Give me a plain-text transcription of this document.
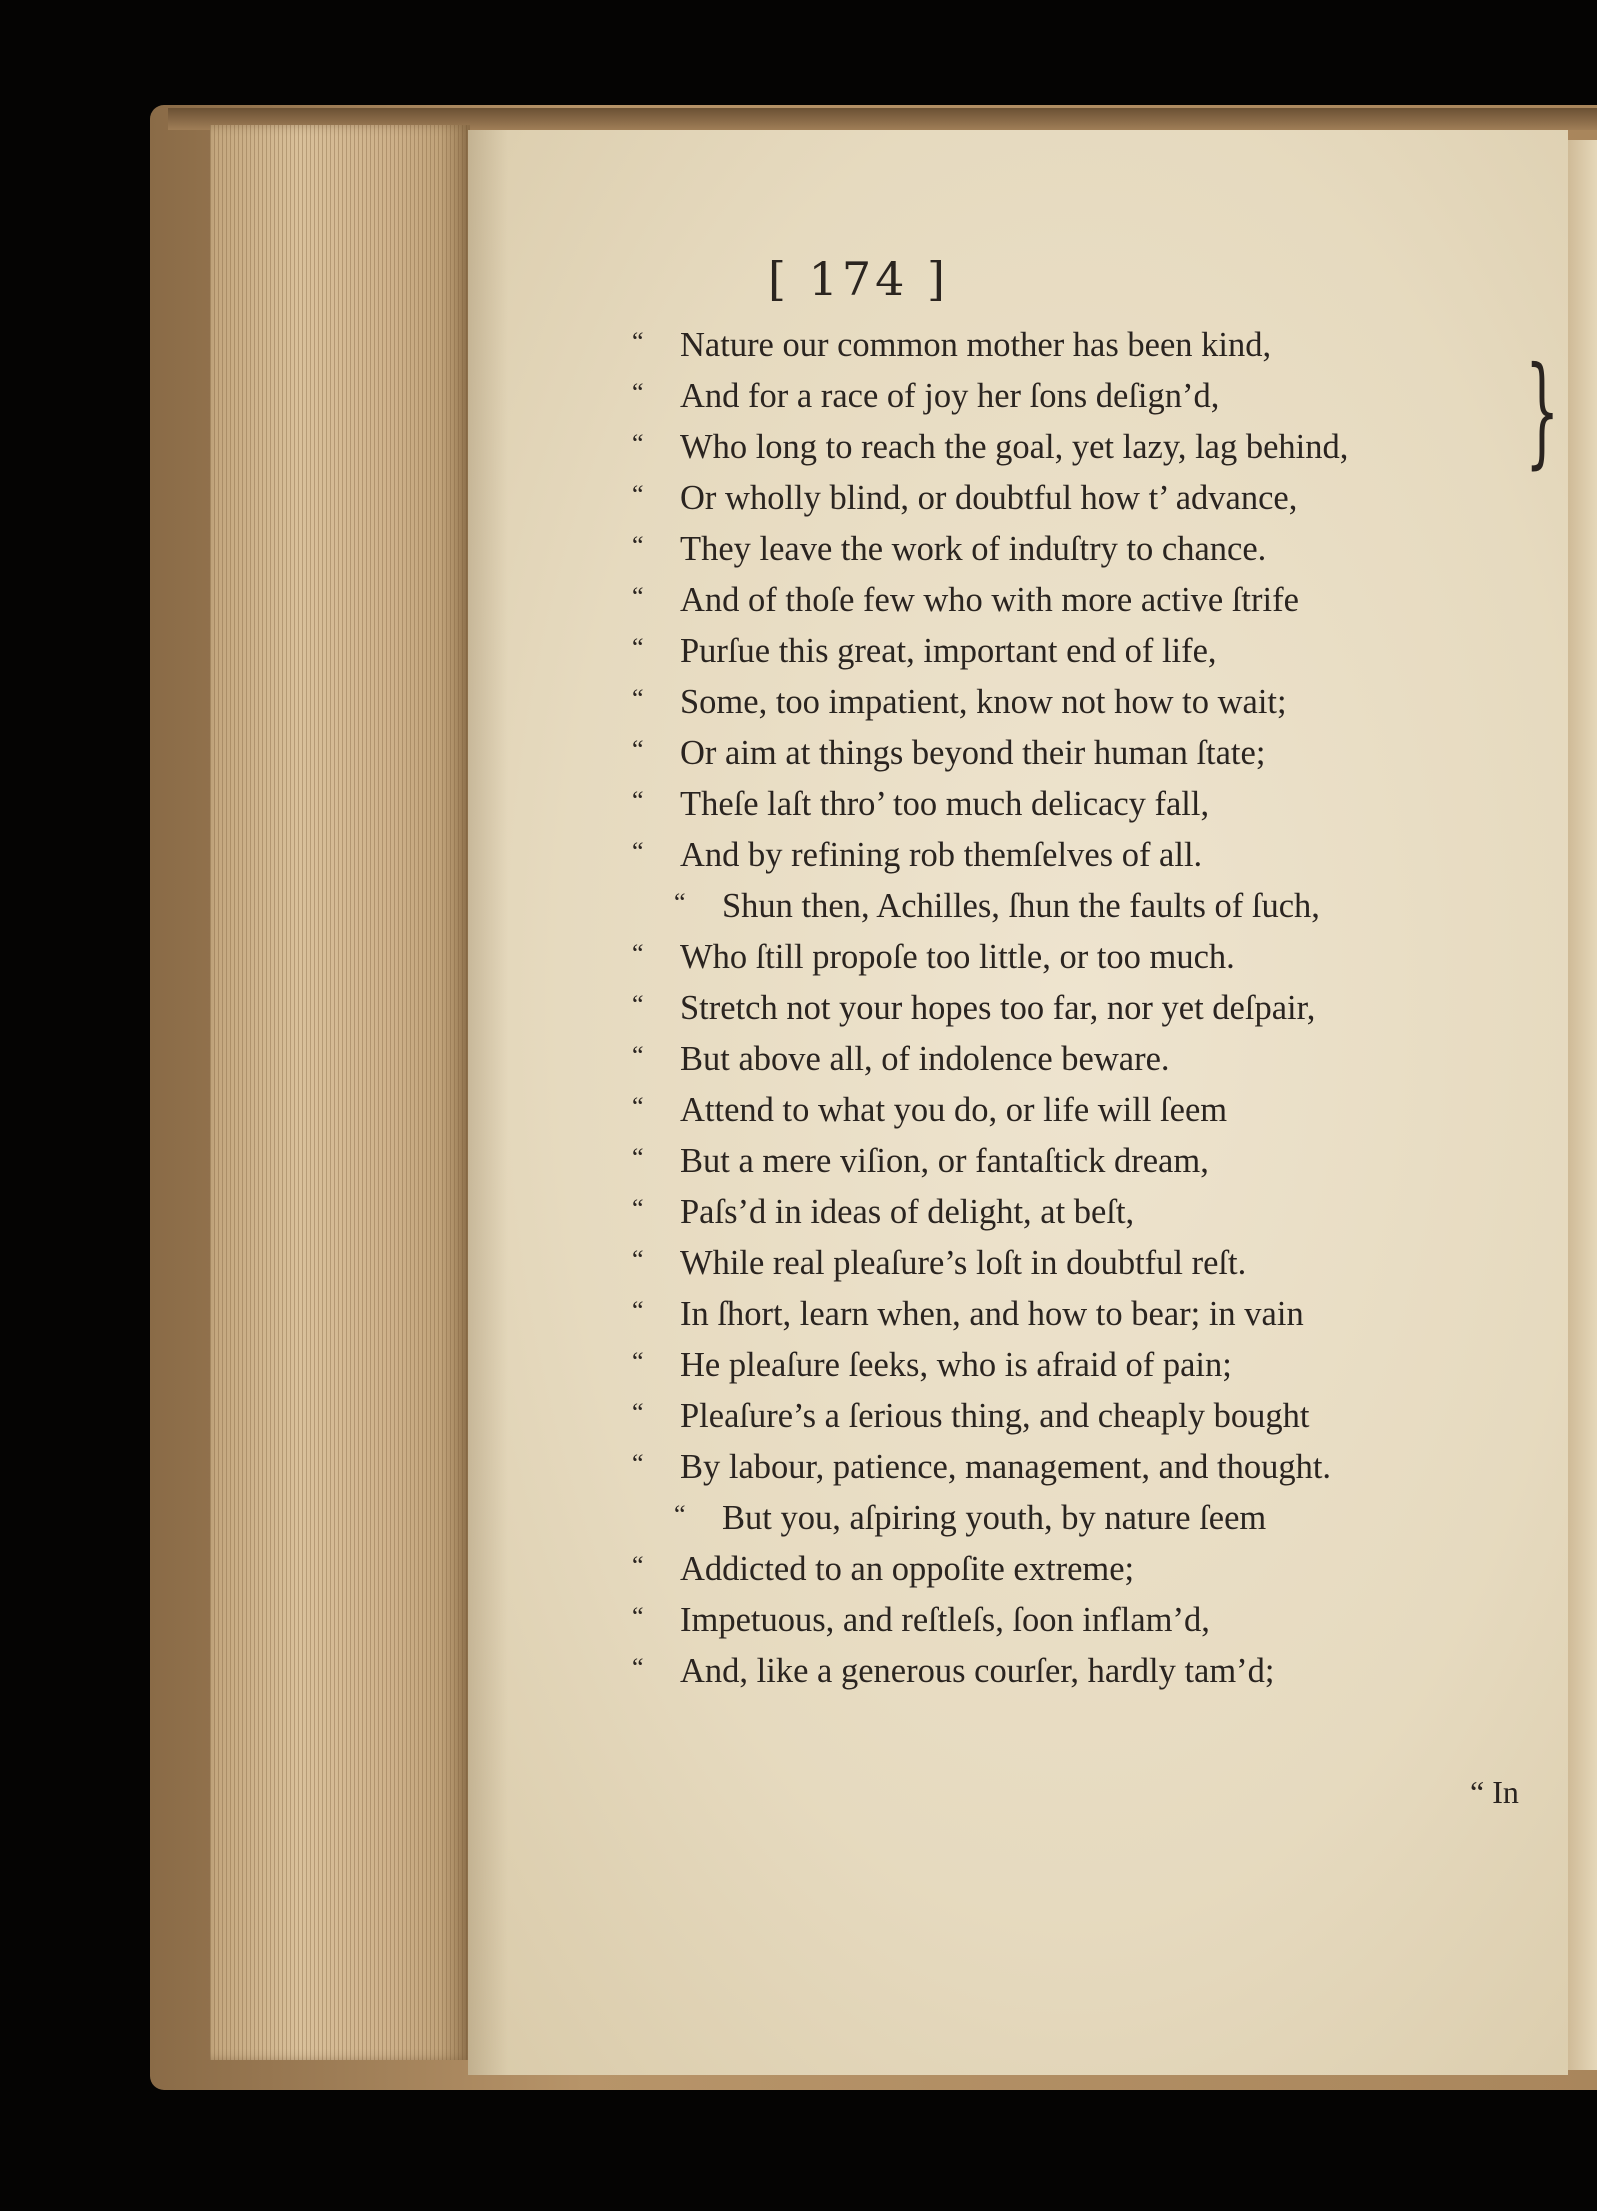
[ 174 ]
“ Nature our common mother has been kind,
“ And for a race of joy her ſons deſign’d,
“ Who long to reach the goal, yet lazy, lag behind,
“ Or wholly blind, or doubtful how t’ advance,
“ They leave the work of induſtry to chance.
“ And of thoſe few who with more active ſtrife
“ Purſue this great, important end of life,
“ Some, too impatient, know not how to wait;
“ Or aim at things beyond their human ſtate;
“ Theſe laſt thro’ too much delicacy fall,
“ And by refining rob themſelves of all.
“ Shun then, Achilles, ſhun the faults of ſuch,
“ Who ſtill propoſe too little, or too much.
“ Stretch not your hopes too far, nor yet deſpair,
“ But above all, of indolence beware.
“ Attend to what you do, or life will ſeem
“ But a mere viſion, or fantaſtick dream,
“ Paſs’d in ideas of delight, at beſt,
“ While real pleaſure’s loſt in doubtful reſt.
“ In ſhort, learn when, and how to bear; in vain
“ He pleaſure ſeeks, who is afraid of pain;
“ Pleaſure’s a ſerious thing, and cheaply bought
“ By labour, patience, management, and thought.
“ But you, aſpiring youth, by nature ſeem
“ Addicted to an oppoſite extreme;
“ Impetuous, and reſtleſs, ſoon inflam’d,
“ And, like a generous courſer, hardly tam’d;
}
“ In
